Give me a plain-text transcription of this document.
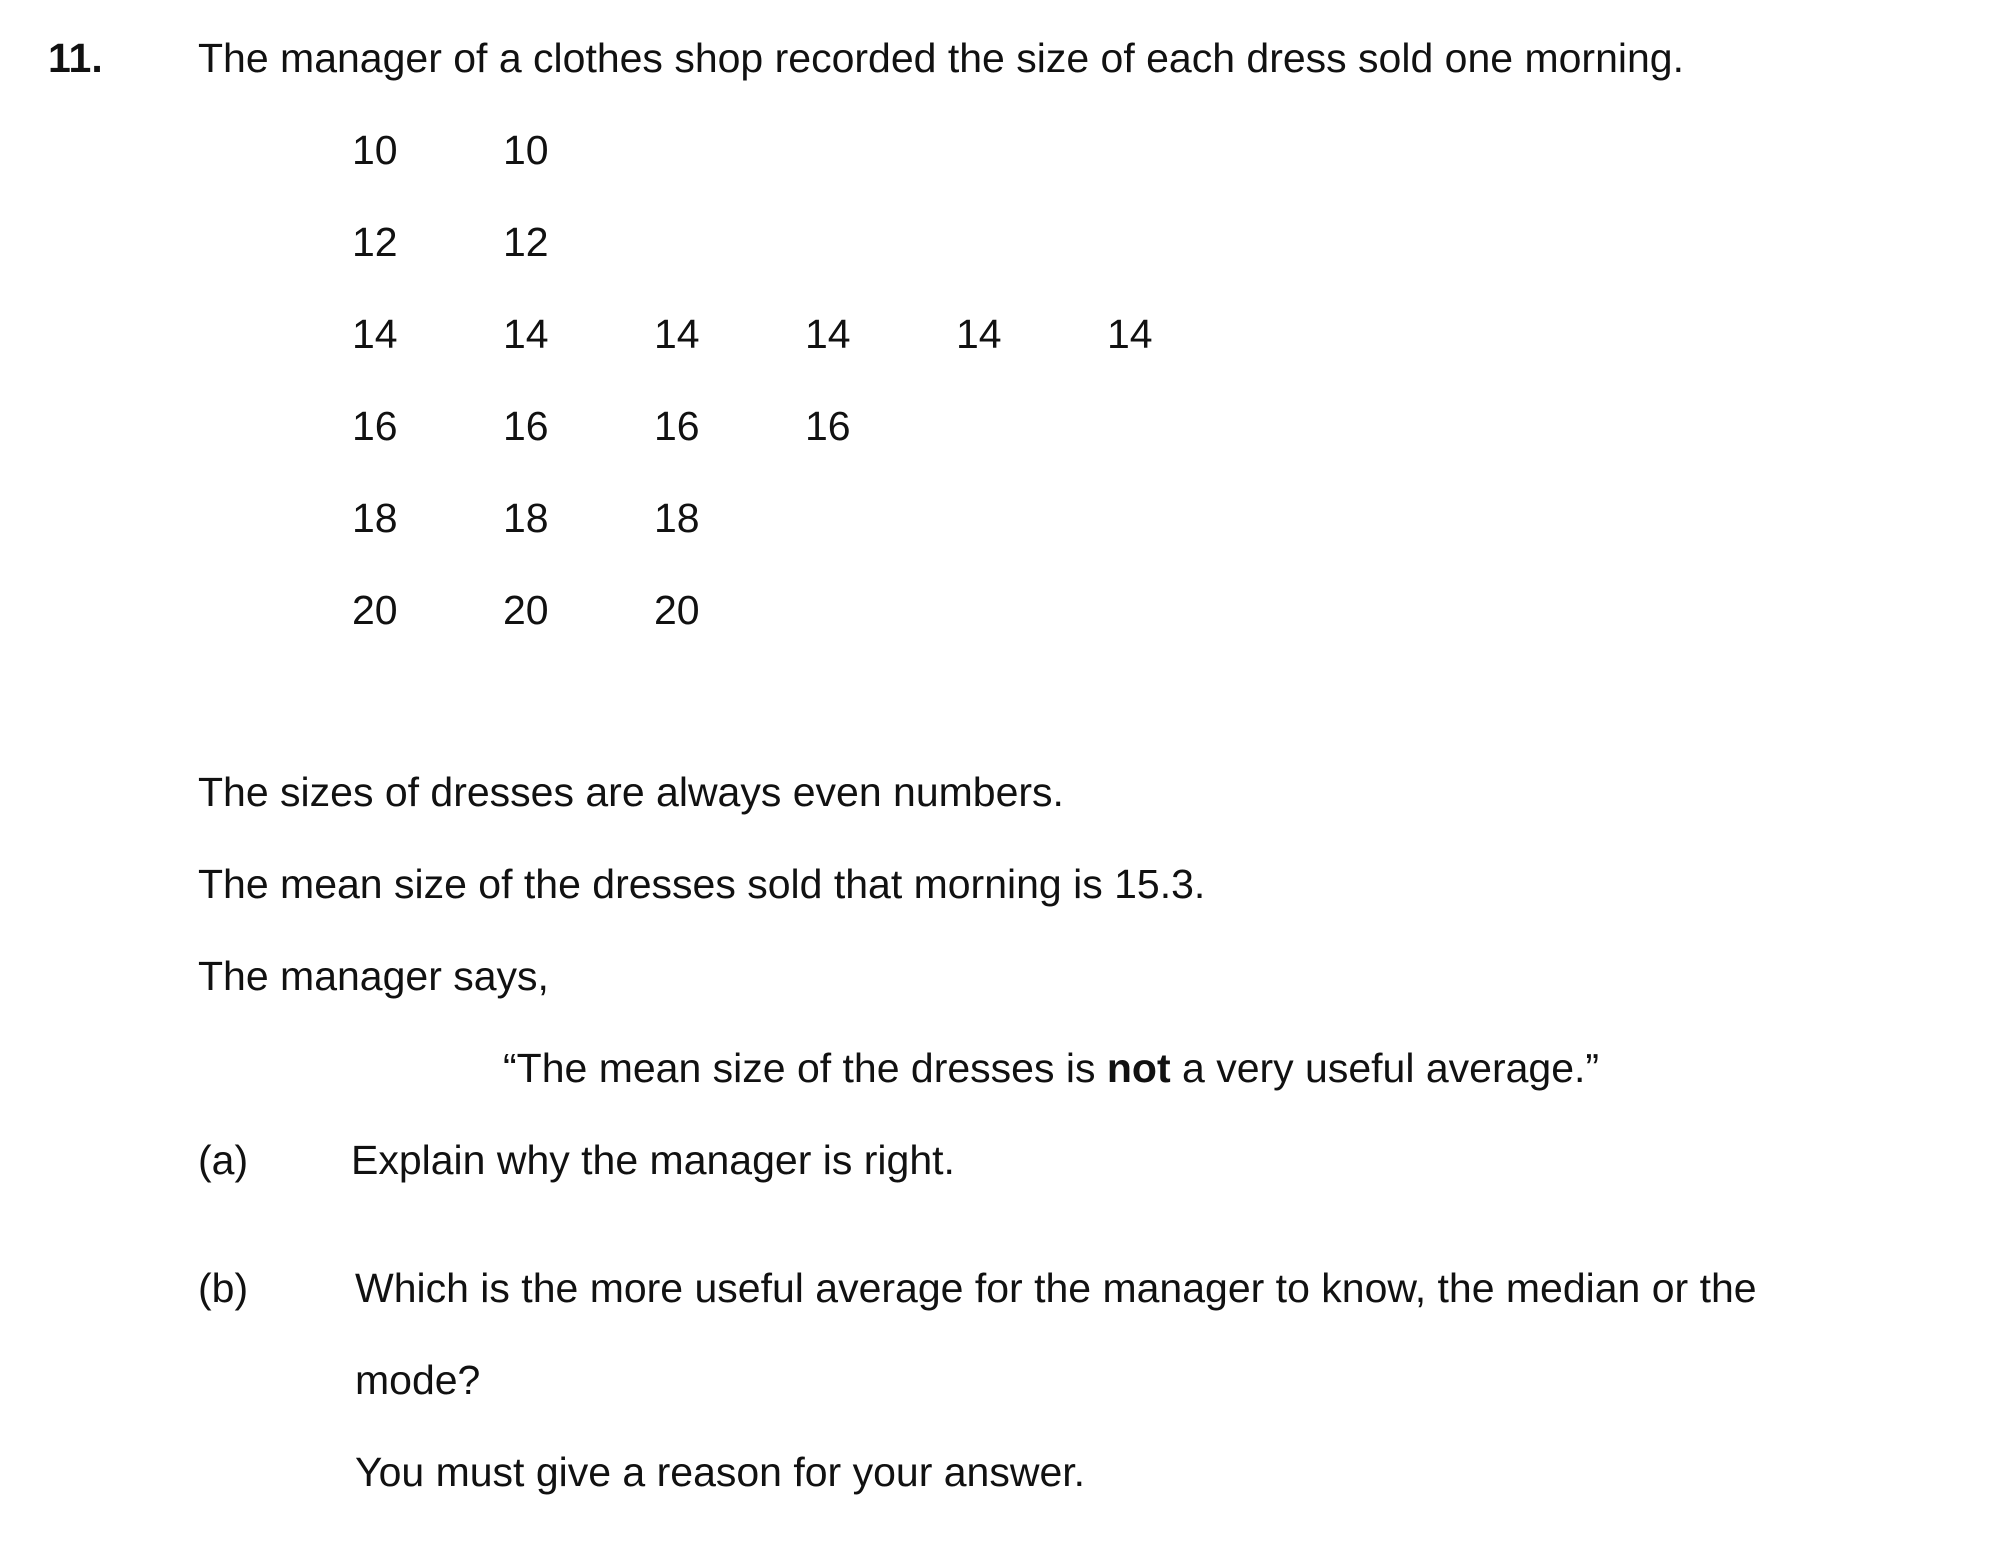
11. The manager of a clothes shop recorded the size of each dress sold one morning.
10	10
12	12
14	14	14	14	14	14
16	16	16	16
18	18	18
20	20	20
The sizes of dresses are always even numbers.
The mean size of the dresses sold that morning is 15.3.
The manager says,
“The mean size of the dresses is not a very useful average.”
(a)	Explain why the manager is right.
(b)	Which is the more useful average for the manager to know, the median or the
mode?
You must give a reason for your answer.
